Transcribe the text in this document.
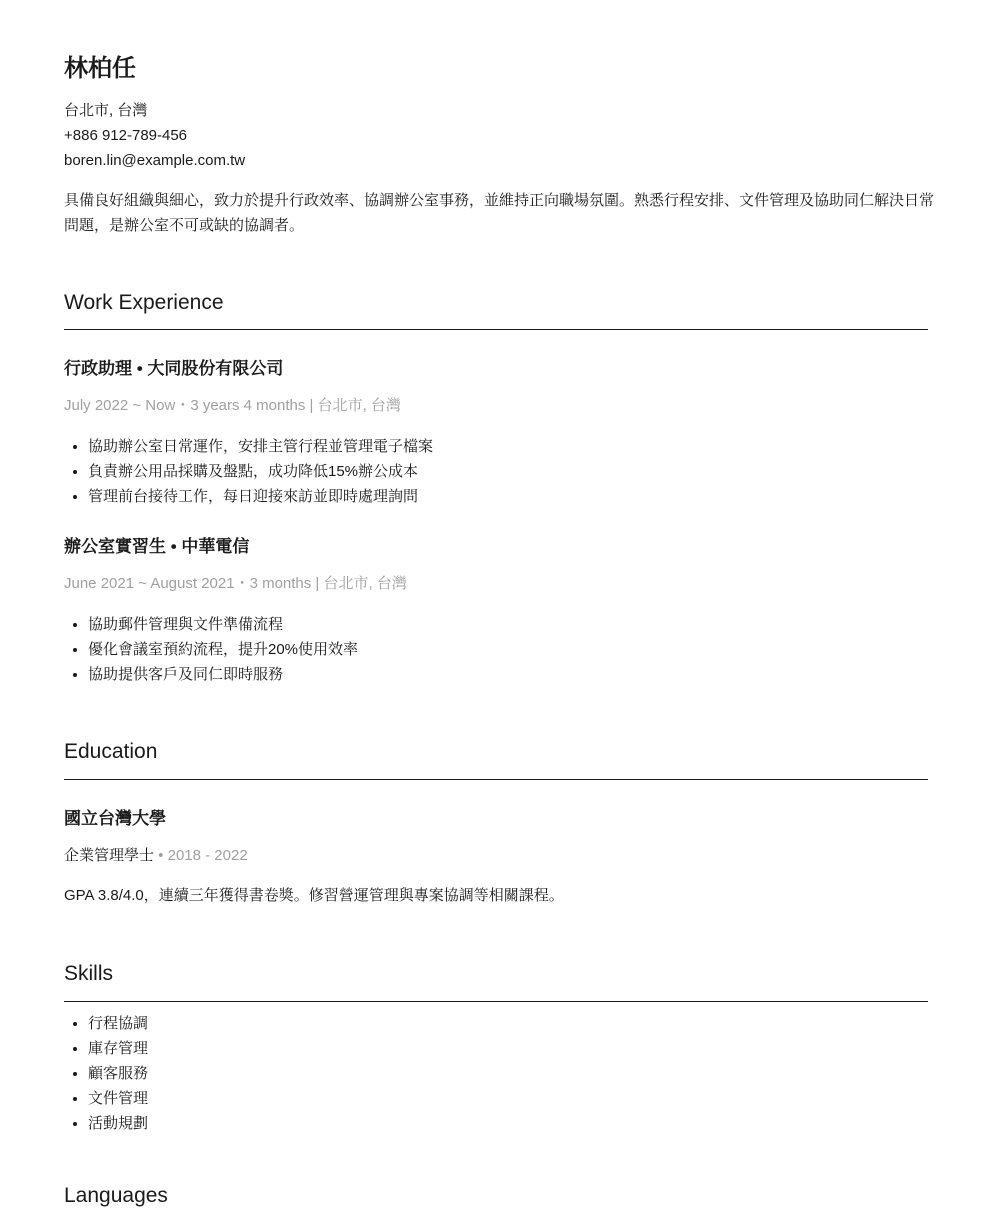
林柏任
台北市, 台灣
+886 912-789-456
boren.lin@example.com.tw
具備良好組織與細心，致力於提升行政效率、協調辦公室事務，並維持正向職場氛圍。熟悉行程安排、文件管理及協助同仁解決日常問題，是辦公室不可或缺的協調者。
Work Experience
行政助理 • 大同股份有限公司
July 2022 ~ Now・3 years 4 months | 台北市, 台灣
• 協助辦公室日常運作，安排主管行程並管理電子檔案
• 負責辦公用品採購及盤點，成功降低15%辦公成本
• 管理前台接待工作，每日迎接來訪並即時處理詢問
辦公室實習生 • 中華電信
June 2021 ~ August 2021・3 months | 台北市, 台灣
• 協助郵件管理與文件準備流程
• 優化會議室預約流程，提升20%使用效率
• 協助提供客戶及同仁即時服務
Education
國立台灣大學
企業管理學士 • 2018 - 2022
GPA 3.8/4.0，連續三年獲得書卷獎。修習營運管理與專案協調等相關課程。
Skills
• 行程協調
• 庫存管理
• 顧客服務
• 文件管理
• 活動規劃
Languages
